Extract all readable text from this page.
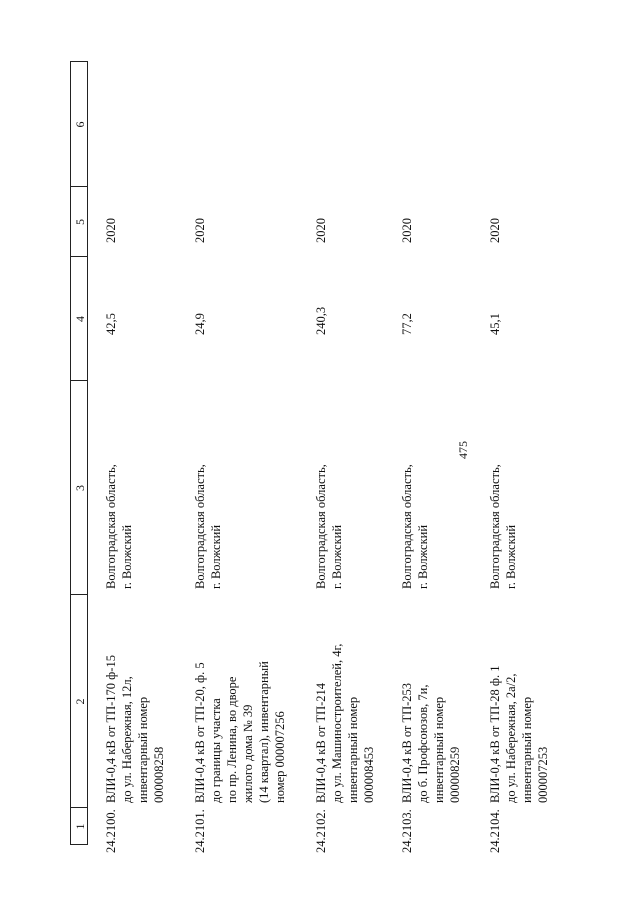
475
1
2
3
4
5
6
24.2100.
ВЛИ-0,4 кВ от ТП-170 ф-15
до ул. Набережная, 12л,
инвентарный номер
000008258
Волгоградская область,
г. Волжский
42,5
2020
24.2101.
ВЛИ-0,4 кВ от ТП-20, ф. 5
до границы участка
по пр. Ленина, во дворе
жилого дома № 39
(14 квартал), инвентарный
номер 000007256
Волгоградская область,
г. Волжский
24,9
2020
24.2102.
ВЛИ-0,4 кВ от ТП-214
до ул. Машиностроителей, 4г,
инвентарный номер
000008453
Волгоградская область,
г. Волжский
240,3
2020
24.2103.
ВЛИ-0,4 кВ от ТП-253
до б. Профсоюзов, 7и,
инвентарный номер
000008259
Волгоградская область,
г. Волжский
77,2
2020
24.2104.
ВЛИ-0,4 кВ от ТП-28 ф. 1
до ул. Набережная, 2а/2,
инвентарный номер
000007253
Волгоградская область,
г. Волжский
45,1
2020
